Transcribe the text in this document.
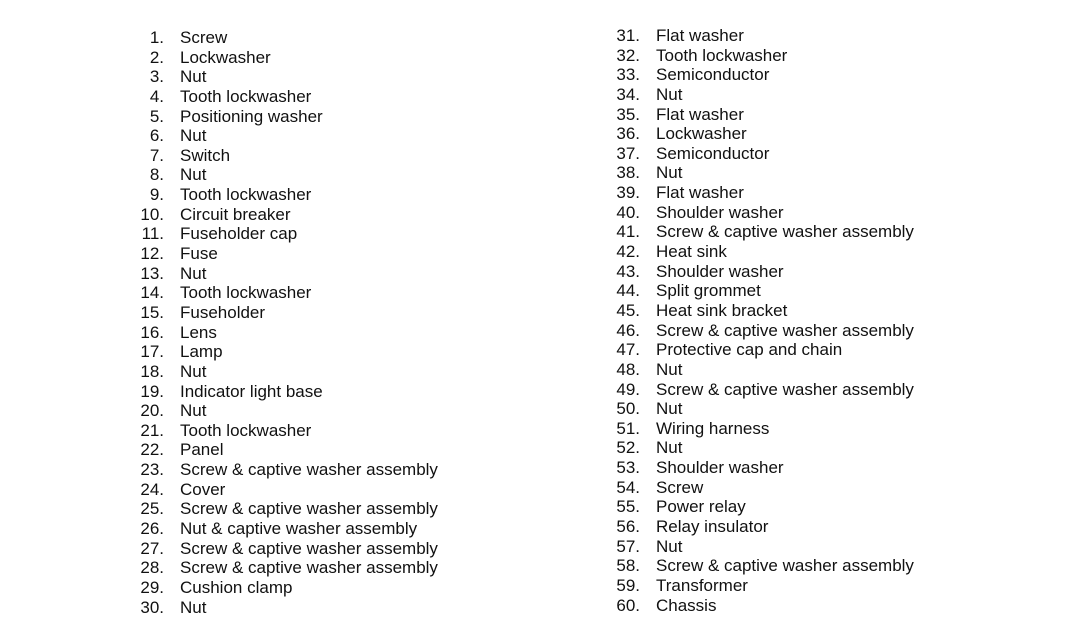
1. Screw
2. Lockwasher
3. Nut
4. Tooth lockwasher
5. Positioning washer
6. Nut
7. Switch
8. Nut
9. Tooth lockwasher
10. Circuit breaker
11. Fuseholder cap
12. Fuse
13. Nut
14. Tooth lockwasher
15. Fuseholder
16. Lens
17. Lamp
18. Nut
19. Indicator light base
20. Nut
21. Tooth lockwasher
22. Panel
23. Screw & captive washer assembly
24. Cover
25. Screw & captive washer assembly
26. Nut & captive washer assembly
27. Screw & captive washer assembly
28. Screw & captive washer assembly
29. Cushion clamp
30. Nut
31. Flat washer
32. Tooth lockwasher
33. Semiconductor
34. Nut
35. Flat washer
36. Lockwasher
37. Semiconductor
38. Nut
39. Flat washer
40. Shoulder washer
41. Screw & captive washer assembly
42. Heat sink
43. Shoulder washer
44. Split grommet
45. Heat sink bracket
46. Screw & captive washer assembly
47. Protective cap and chain
48. Nut
49. Screw & captive washer assembly
50. Nut
51. Wiring harness
52. Nut
53. Shoulder washer
54. Screw
55. Power relay
56. Relay insulator
57. Nut
58. Screw & captive washer assembly
59. Transformer
60. Chassis
